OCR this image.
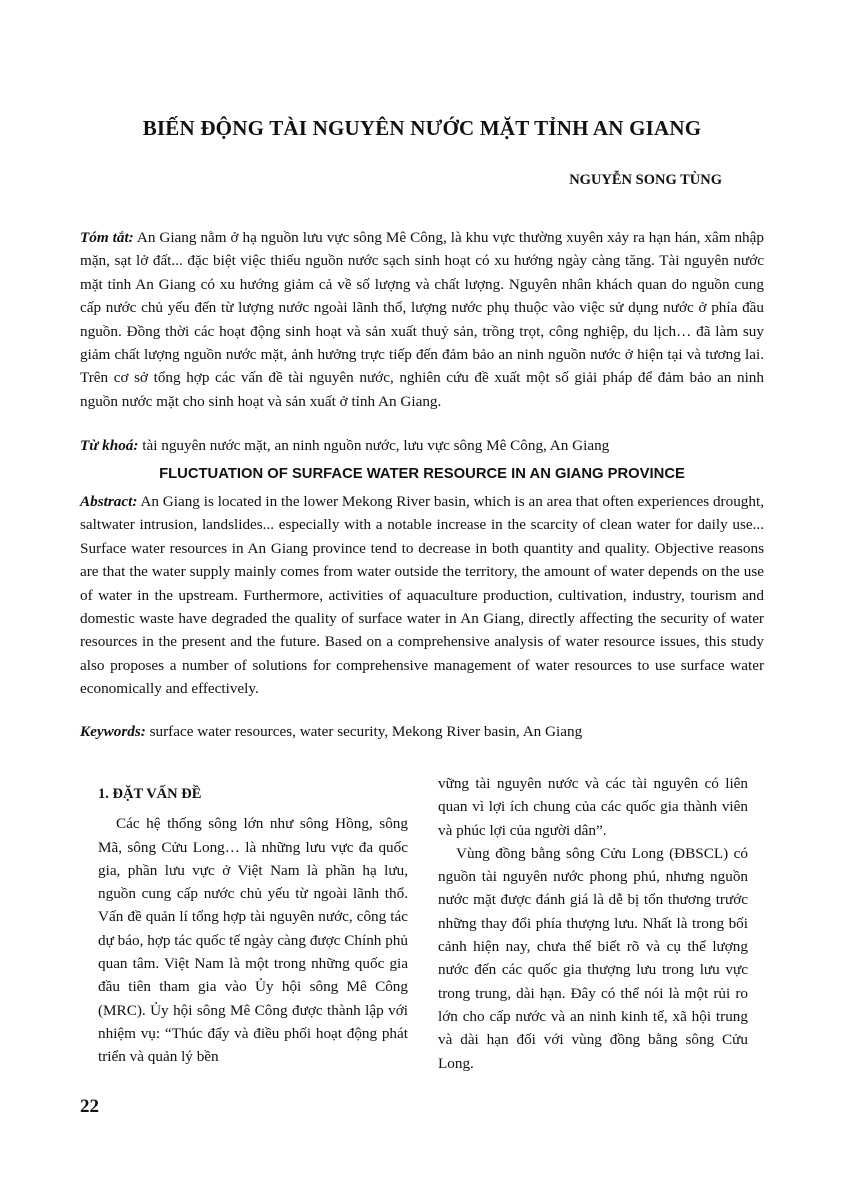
BIẾN ĐỘNG TÀI NGUYÊN NƯỚC MẶT TỈNH AN GIANG

NGUYỄN SONG TÙNG

Tóm tắt: An Giang nằm ở hạ nguồn lưu vực sông Mê Công, là khu vực thường xuyên xảy ra hạn hán, xâm nhập mặn, sạt lở đất... đặc biệt việc thiếu nguồn nước sạch sinh hoạt có xu hướng ngày càng tăng. Tài nguyên nước mặt tỉnh An Giang có xu hướng giảm cả về số lượng và chất lượng. Nguyên nhân khách quan do nguồn cung cấp nước chủ yếu đến từ lượng nước ngoài lãnh thổ, lượng nước phụ thuộc vào việc sử dụng nước ở phía đầu nguồn. Đồng thời các hoạt động sinh hoạt và sản xuất thuỷ sản, trồng trọt, công nghiệp, du lịch… đã làm suy giảm chất lượng nguồn nước mặt, ảnh hưởng trực tiếp đến đảm bảo an ninh nguồn nước ở hiện tại và tương lai. Trên cơ sở tổng hợp các vấn đề tài nguyên nước, nghiên cứu đề xuất một số giải pháp để đảm bảo an ninh nguồn nước mặt cho sinh hoạt và sản xuất ở tỉnh An Giang.

Từ khoá: tài nguyên nước mặt, an ninh nguồn nước, lưu vực sông Mê Công, An Giang

FLUCTUATION OF SURFACE WATER RESOURCE IN AN GIANG PROVINCE

Abstract: An Giang is located in the lower Mekong River basin, which is an area that often experiences drought, saltwater intrusion, landslides... especially with a notable increase in the scarcity of clean water for daily use... Surface water resources in An Giang province tend to decrease in both quantity and quality. Objective reasons are that the water supply mainly comes from water outside the territory, the amount of water depends on the use of water in the upstream. Furthermore, activities of aquaculture production, cultivation, industry, tourism and domestic waste have degraded the quality of surface water in An Giang, directly affecting the security of water resources in the present and the future. Based on a comprehensive analysis of water resource issues, this study also proposes a number of solutions for comprehensive management of water resources to use surface water economically and effectively.

Keywords: surface water resources, water security, Mekong River basin, An Giang

1. ĐẶT VẤN ĐỀ

Các hệ thống sông lớn như sông Hồng, sông Mã, sông Cửu Long… là những lưu vực đa quốc gia, phần lưu vực ở Việt Nam là phần hạ lưu, nguồn cung cấp nước chủ yếu từ ngoài lãnh thổ. Vấn đề quản lí tổng hợp tài nguyên nước, công tác dự báo, hợp tác quốc tế ngày càng được Chính phủ quan tâm. Việt Nam là một trong những quốc gia đầu tiên tham gia vào Ủy hội sông Mê Công (MRC). Ủy hội sông Mê Công được thành lập với nhiệm vụ: “Thúc đẩy và điều phối hoạt động phát triển và quản lý bền

vững tài nguyên nước và các tài nguyên có liên quan vì lợi ích chung của các quốc gia thành viên và phúc lợi của người dân”.

Vùng đồng bằng sông Cửu Long (ĐBSCL) có nguồn tài nguyên nước phong phú, nhưng nguồn nước mặt được đánh giá là dễ bị tổn thương trước những thay đổi phía thượng lưu. Nhất là trong bối cảnh hiện nay, chưa thể biết rõ và cụ thể lượng nước đến các quốc gia thượng lưu trong lưu vực trong trung, dài hạn. Đây có thể nói là một rủi ro lớn cho cấp nước và an ninh kinh tế, xã hội trung và dài hạn đối với vùng đồng bằng sông Cửu Long.

22
